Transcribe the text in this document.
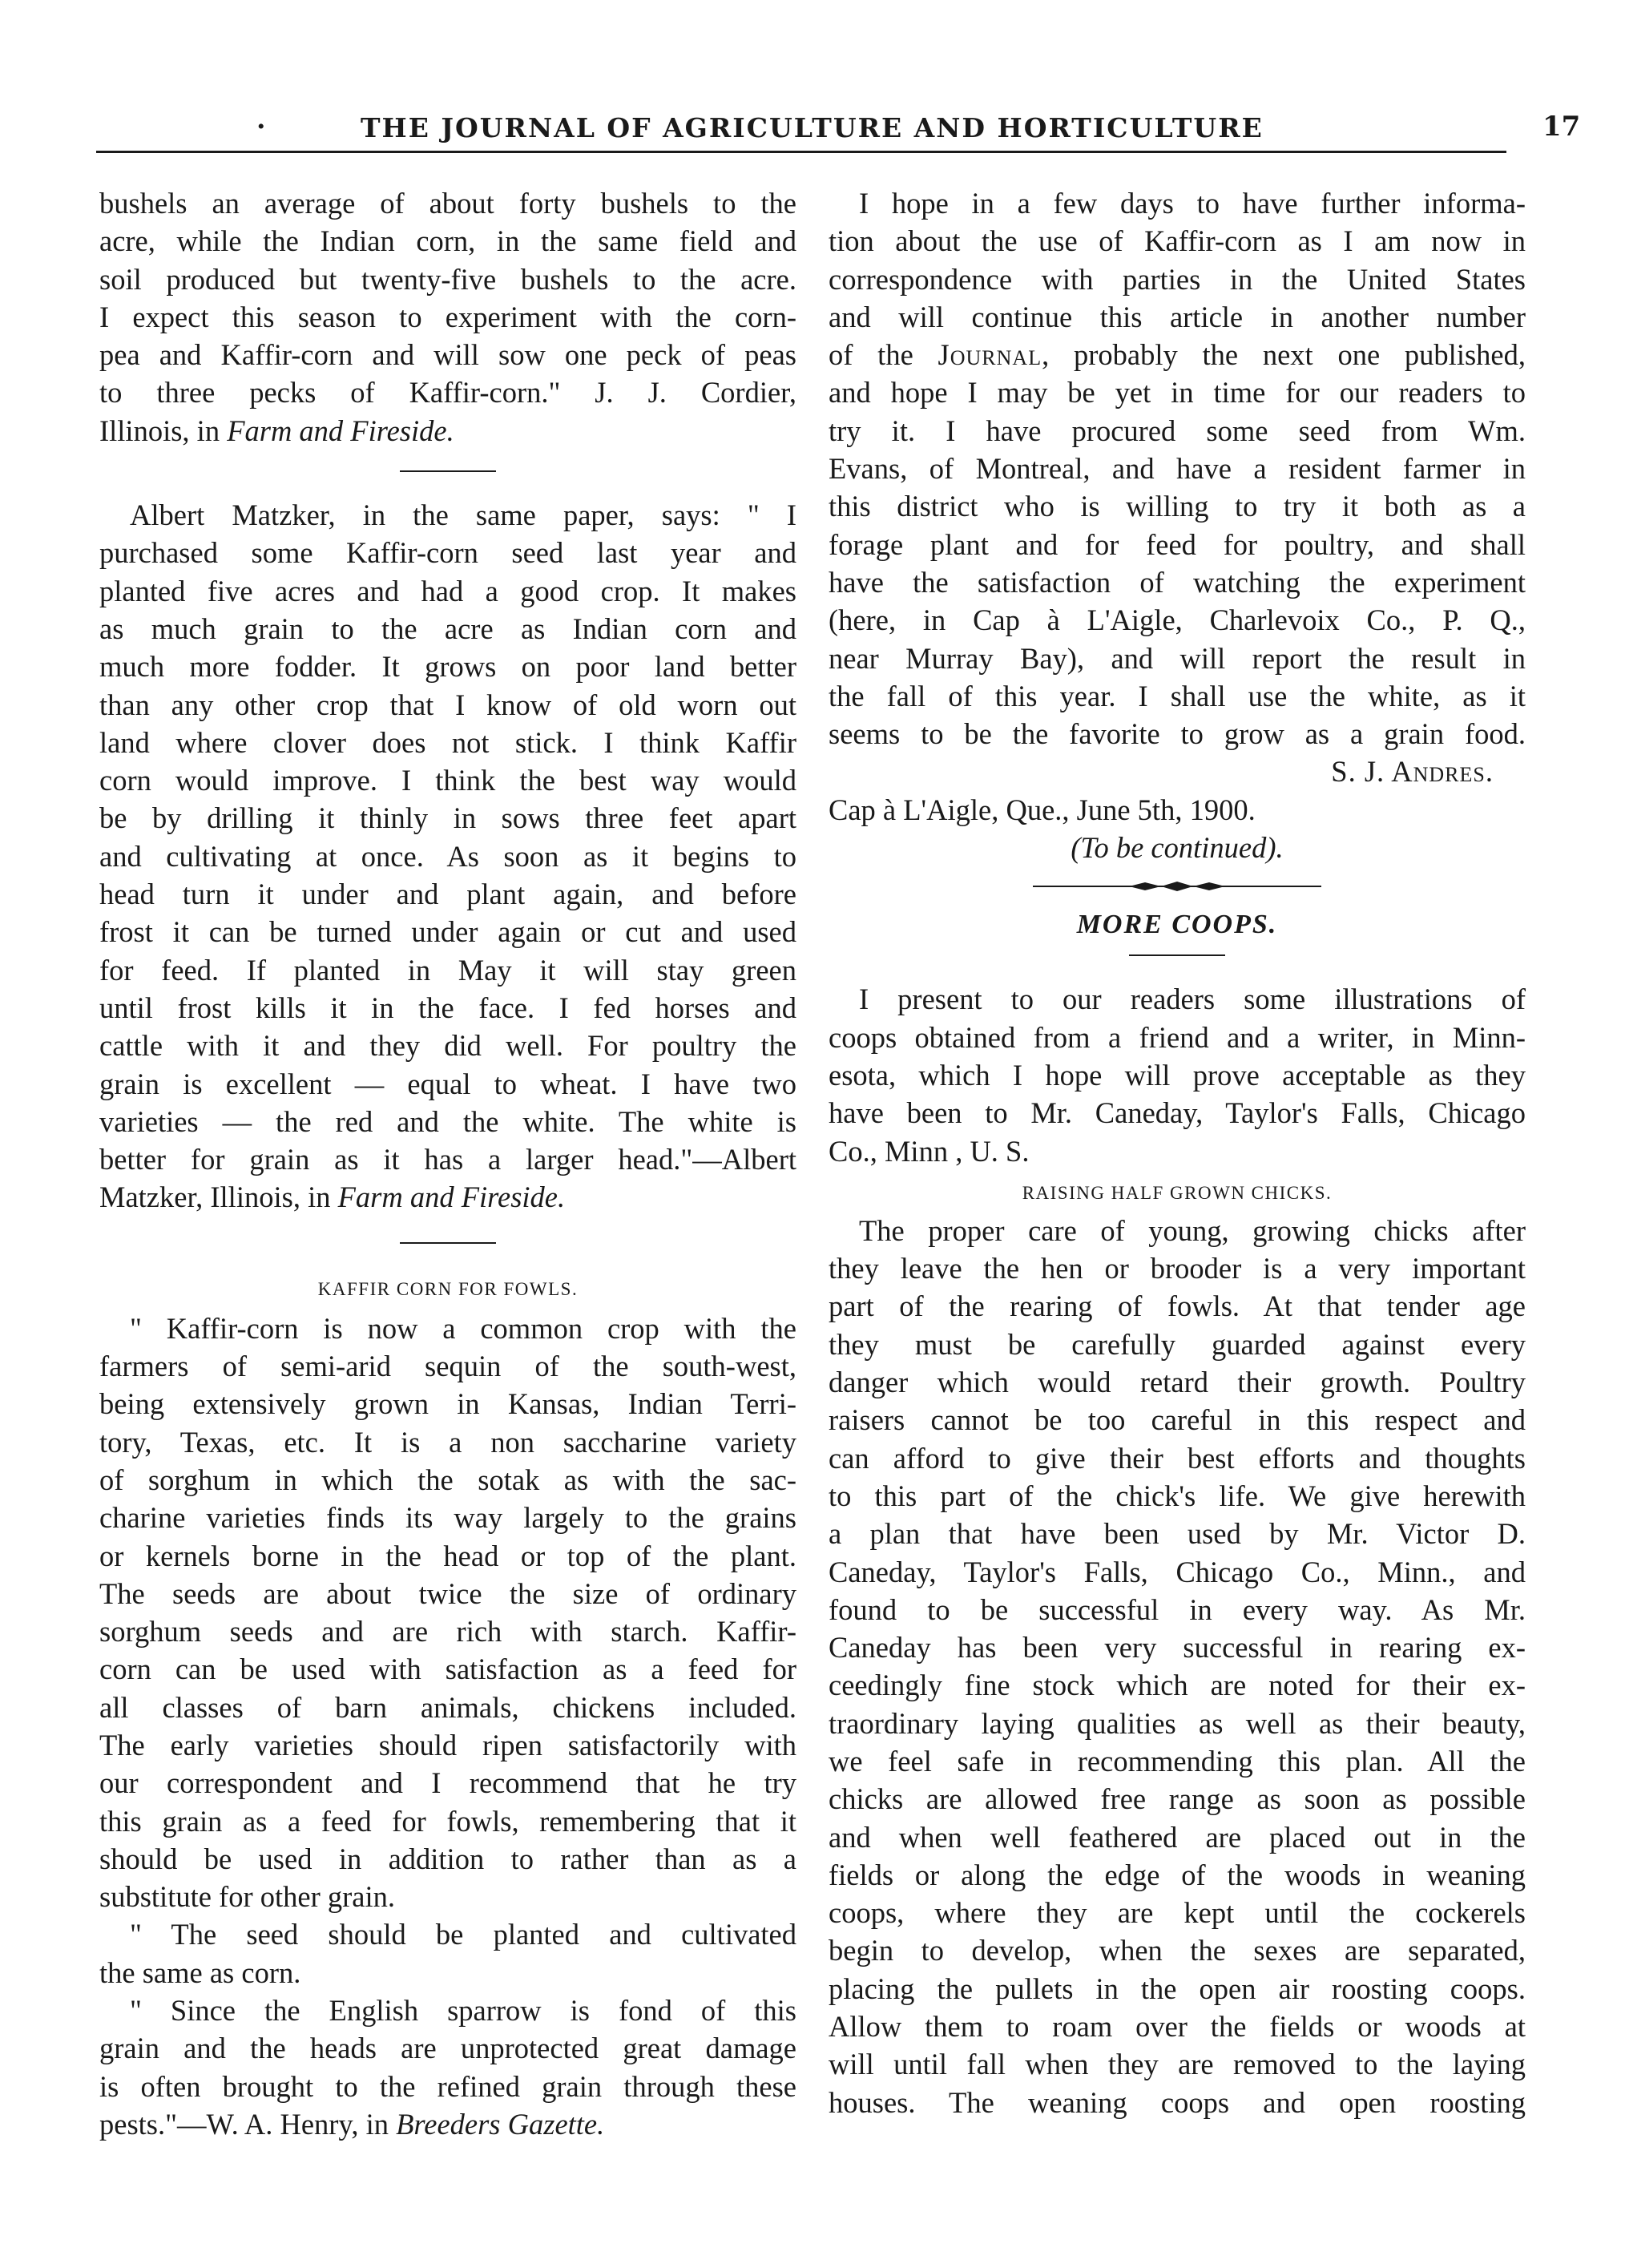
·	THE JOURNAL OF AGRICULTURE AND HORTICULTURE	17
bushels an average of about forty bushels to the
acre, while the Indian corn, in the same field and
soil produced but twenty-five bushels to the acre.
I expect this season to experiment with the corn-
pea and Kaffir-corn and will sow one peck of peas
to three pecks of Kaffir-corn." J. J. Cordier,
Illinois, in Farm and Fireside.
Albert Matzker, in the same paper, says: " I
purchased some Kaffir-corn seed last year and
planted five acres and had a good crop. It makes
as much grain to the acre as Indian corn and
much more fodder. It grows on poor land better
than any other crop that I know of old worn out
land where clover does not stick. I think Kaffir
corn would improve. I think the best way would
be by drilling it thinly in sows three feet apart
and cultivating at once. As soon as it begins to
head turn it under and plant again, and before
frost it can be turned under again or cut and used
for feed. If planted in May it will stay green
until frost kills it in the face. I fed horses and
cattle with it and they did well. For poultry the
grain is excellent — equal to wheat. I have two
varieties — the red and the white. The white is
better for grain as it has a larger head."—Albert
Matzker, Illinois, in Farm and Fireside.
KAFFIR CORN FOR FOWLS.
" Kaffir-corn is now a common crop with the
farmers of semi-arid sequin of the south-west,
being extensively grown in Kansas, Indian Terri-
tory, Texas, etc. It is a non saccharine variety
of sorghum in which the sotak as with the sac-
charine varieties finds its way largely to the grains
or kernels borne in the head or top of the plant.
The seeds are about twice the size of ordinary
sorghum seeds and are rich with starch. Kaffir-
corn can be used with satisfaction as a feed for
all classes of barn animals, chickens included.
The early varieties should ripen satisfactorily with
our correspondent and I recommend that he try
this grain as a feed for fowls, remembering that it
should be used in addition to rather than as a
substitute for other grain.
" The seed should be planted and cultivated
the same as corn.
" Since the English sparrow is fond of this
grain and the heads are unprotected great damage
is often brought to the refined grain through these
pests."—W. A. Henry, in Breeders Gazette.
I hope in a few days to have further informa-
tion about the use of Kaffir-corn as I am now in
correspondence with parties in the United States
and will continue this article in another number
of the Journal, probably the next one published,
and hope I may be yet in time for our readers to
try it. I have procured some seed from Wm.
Evans, of Montreal, and have a resident farmer in
this district who is willing to try it both as a
forage plant and for feed for poultry, and shall
have the satisfaction of watching the experiment
(here, in Cap à L'Aigle, Charlevoix Co., P. Q.,
near Murray Bay), and will report the result in
the fall of this year. I shall use the white, as it
seems to be the favorite to grow as a grain food.
S. J. Andres.
Cap à L'Aigle, Que., June 5th, 1900.
(To be continued).
MORE COOPS.
I present to our readers some illustrations of
coops obtained from a friend and a writer, in Minn-
esota, which I hope will prove acceptable as they
have been to Mr. Caneday, Taylor's Falls, Chicago
Co., Minn , U. S.
RAISING HALF GROWN CHICKS.
The proper care of young, growing chicks after
they leave the hen or brooder is a very important
part of the rearing of fowls. At that tender age
they must be carefully guarded against every
danger which would retard their growth. Poultry
raisers cannot be too careful in this respect and
can afford to give their best efforts and thoughts
to this part of the chick's life. We give herewith
a plan that have been used by Mr. Victor D.
Caneday, Taylor's Falls, Chicago Co., Minn., and
found to be successful in every way. As Mr.
Caneday has been very successful in rearing ex-
ceedingly fine stock which are noted for their ex-
traordinary laying qualities as well as their beauty,
we feel safe in recommending this plan. All the
chicks are allowed free range as soon as possible
and when well feathered are placed out in the
fields or along the edge of the woods in weaning
coops, where they are kept until the cockerels
begin to develop, when the sexes are separated,
placing the pullets in the open air roosting coops.
Allow them to roam over the fields or woods at
will until fall when they are removed to the laying
houses. The weaning coops and open roosting
